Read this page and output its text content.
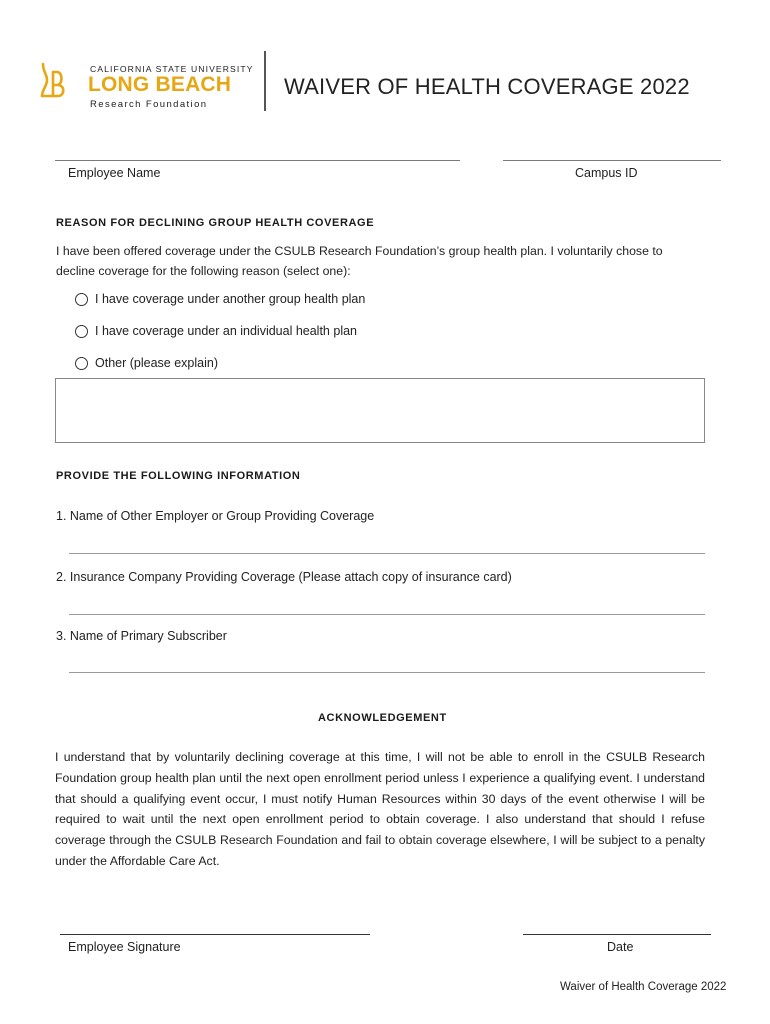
CALIFORNIA STATE UNIVERSITY
LONG BEACH
Research Foundation
WAIVER OF HEALTH COVERAGE 2022
Employee Name	Campus ID
REASON FOR DECLINING GROUP HEALTH COVERAGE
I have been offered coverage under the CSULB Research Foundation’s group health plan. I voluntarily chose to
decline coverage for the following reason (select one):
I have coverage under another group health plan
I have coverage under an individual health plan
Other (please explain)
PROVIDE THE FOLLOWING INFORMATION
1. Name of Other Employer or Group Providing Coverage
2. Insurance Company Providing Coverage (Please attach copy of insurance card)
3. Name of Primary Subscriber
ACKNOWLEDGEMENT
I understand that by voluntarily declining coverage at this time, I will not be able to enroll in the CSULB Research Foundation group health plan until the next open enrollment period unless I experience a qualifying event. I understand that should a qualifying event occur, I must notify Human Resources within 30 days of the event otherwise I will be required to wait until the next open enrollment period to obtain coverage. I also understand that should I refuse coverage through the CSULB Research Foundation and fail to obtain coverage elsewhere, I will be subject to a penalty under the Affordable Care Act.
Employee Signature	Date
Waiver of Health Coverage 2022
